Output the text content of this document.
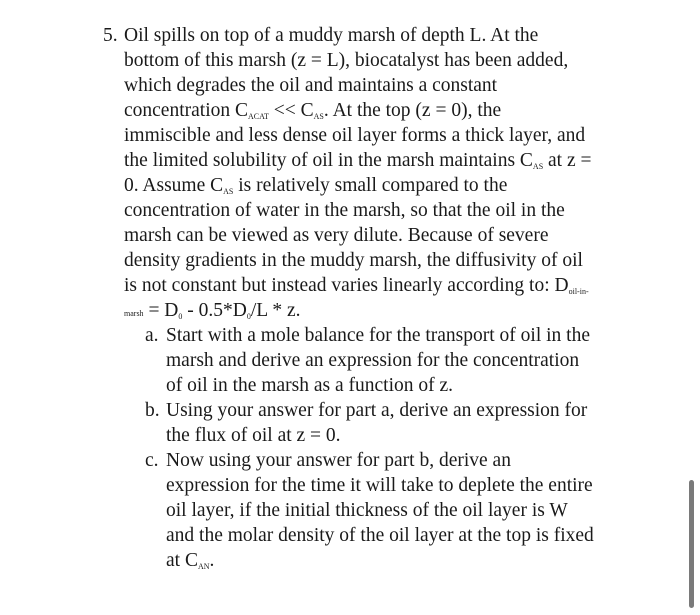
5. Oil spills on top of a muddy marsh of depth L. At the
bottom of this marsh (z = L), biocatalyst has been added,
which degrades the oil and maintains a constant
concentration $C_{ACAT} << C_{AS}$. At the top (z = 0), the
immiscible and less dense oil layer forms a thick layer, and
the limited solubility of oil in the marsh maintains $C_{AS}$ at z =
0. Assume $C_{AS}$ is relatively small compared to the
concentration of water in the marsh, so that the oil in the
marsh can be viewed as very dilute. Because of severe
density gradients in the muddy marsh, the diffusivity of oil
is not constant but instead varies linearly according to: $D_{oil-in-}$
marsh = $D_0 - 0.5*D_0/L$ * z.
a. Start with a mole balance for the transport of oil in the
marsh and derive an expression for the concentration
of oil in the marsh as a function of z.
b. Using your answer for part a, derive an expression for
the flux of oil at z = 0.
c. Now using your answer for part b, derive an
expression for the time it will take to deplete the entire
oil layer, if the initial thickness of the oil layer is W
and the molar density of the oil layer at the top is fixed
at $C_{AN}$.
